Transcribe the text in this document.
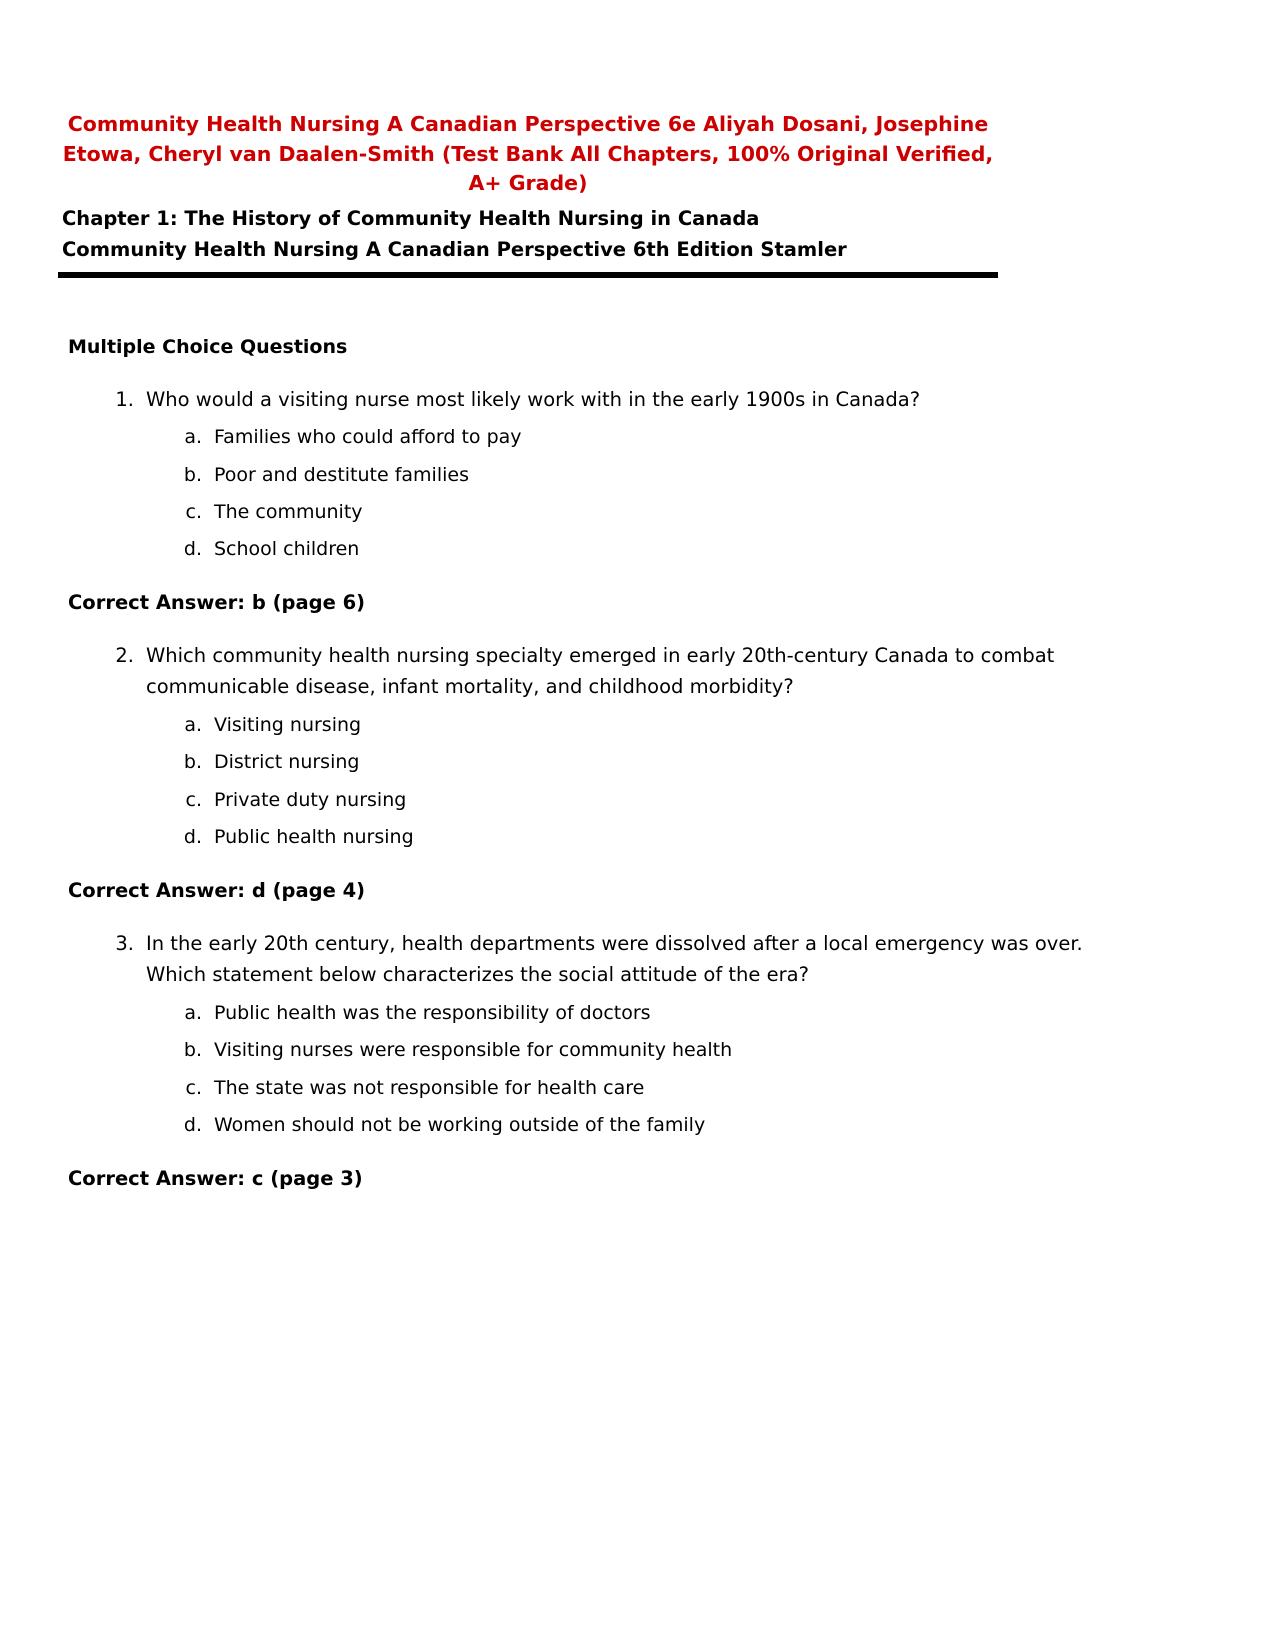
Community Health Nursing A Canadian Perspective 6e Aliyah Dosani, Josephine Etowa, Cheryl van Daalen-Smith (Test Bank All Chapters, 100% Original Verified, A+ Grade)
Chapter 1: The History of Community Health Nursing in Canada
Community Health Nursing A Canadian Perspective 6th Edition Stamler
Multiple Choice Questions
1. Who would a visiting nurse most likely work with in the early 1900s in Canada?
a. Families who could afford to pay
b. Poor and destitute families
c. The community
d. School children
Correct Answer: b (page 6)
2. Which community health nursing specialty emerged in early 20th-century Canada to combat communicable disease, infant mortality, and childhood morbidity?
a. Visiting nursing
b. District nursing
c. Private duty nursing
d. Public health nursing
Correct Answer: d (page 4)
3. In the early 20th century, health departments were dissolved after a local emergency was over. Which statement below characterizes the social attitude of the era?
a. Public health was the responsibility of doctors
b. Visiting nurses were responsible for community health
c. The state was not responsible for health care
d. Women should not be working outside of the family
Correct Answer: c (page 3)
